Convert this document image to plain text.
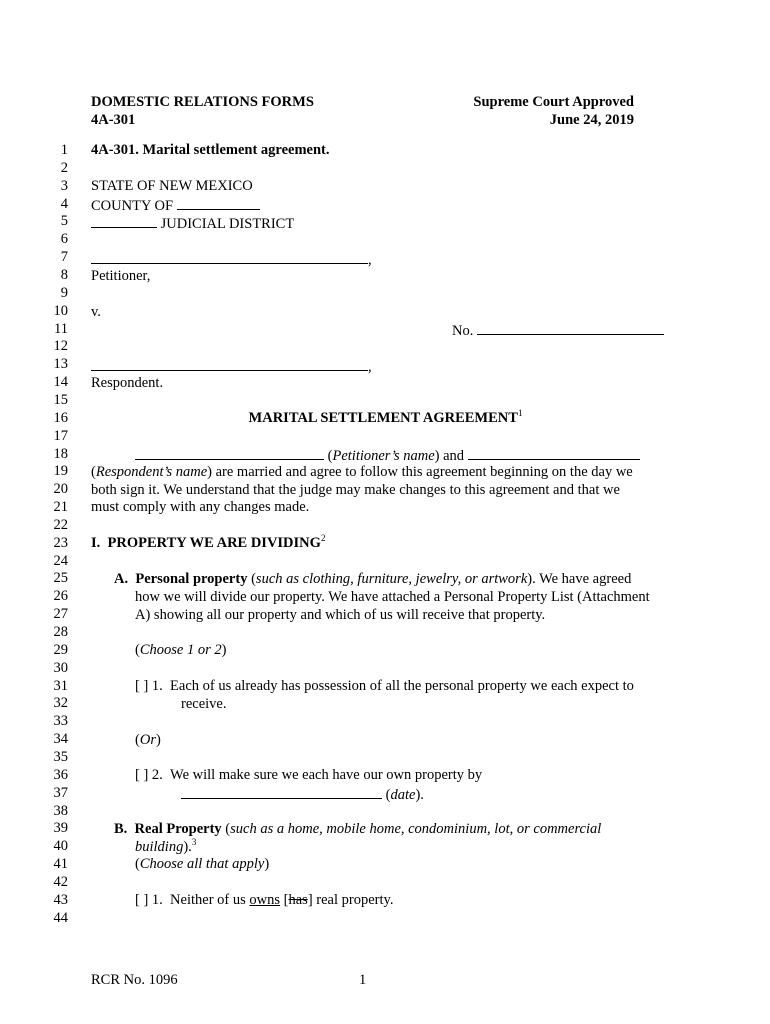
DOMESTIC RELATIONS FORMS
4A-301
Supreme Court Approved
June 24, 2019
1
2
3
4
5
6
7
8
9
10
11
12
13
14
15
16
17
18
19
20
21
22
23
24
25
26
27
28
29
30
31
32
33
34
35
36
37
38
39
40
41
42
43
44
4A-301. Marital settlement agreement.
STATE OF NEW MEXICO
COUNTY OF
JUDICIAL DISTRICT
,
Petitioner,
v.
No.
,
Respondent.
MARITAL SETTLEMENT AGREEMENT$^1$
(Petitioner’s name) and
(Respondent’s name) are married and agree to follow this agreement beginning on the day we
both sign it. We understand that the judge may make changes to this agreement and that we
must comply with any changes made.
I. PROPERTY WE ARE DIVIDING$^2$
A. Personal property (such as clothing, furniture, jewelry, or artwork). We have agreed
how we will divide our property. We have attached a Personal Property List (Attachment
A) showing all our property and which of us will receive that property.
(Choose 1 or 2)
[ ] 1. Each of us already has possession of all the personal property we each expect to
receive.
(Or)
[ ] 2. We will make sure we each have our own property by
(date).
B. Real Property (such as a home, mobile home, condominium, lot, or commercial
building).$^3$
(Choose all that apply)
[ ] 1. Neither of us owns [has] real property.
RCR No. 1096	1
